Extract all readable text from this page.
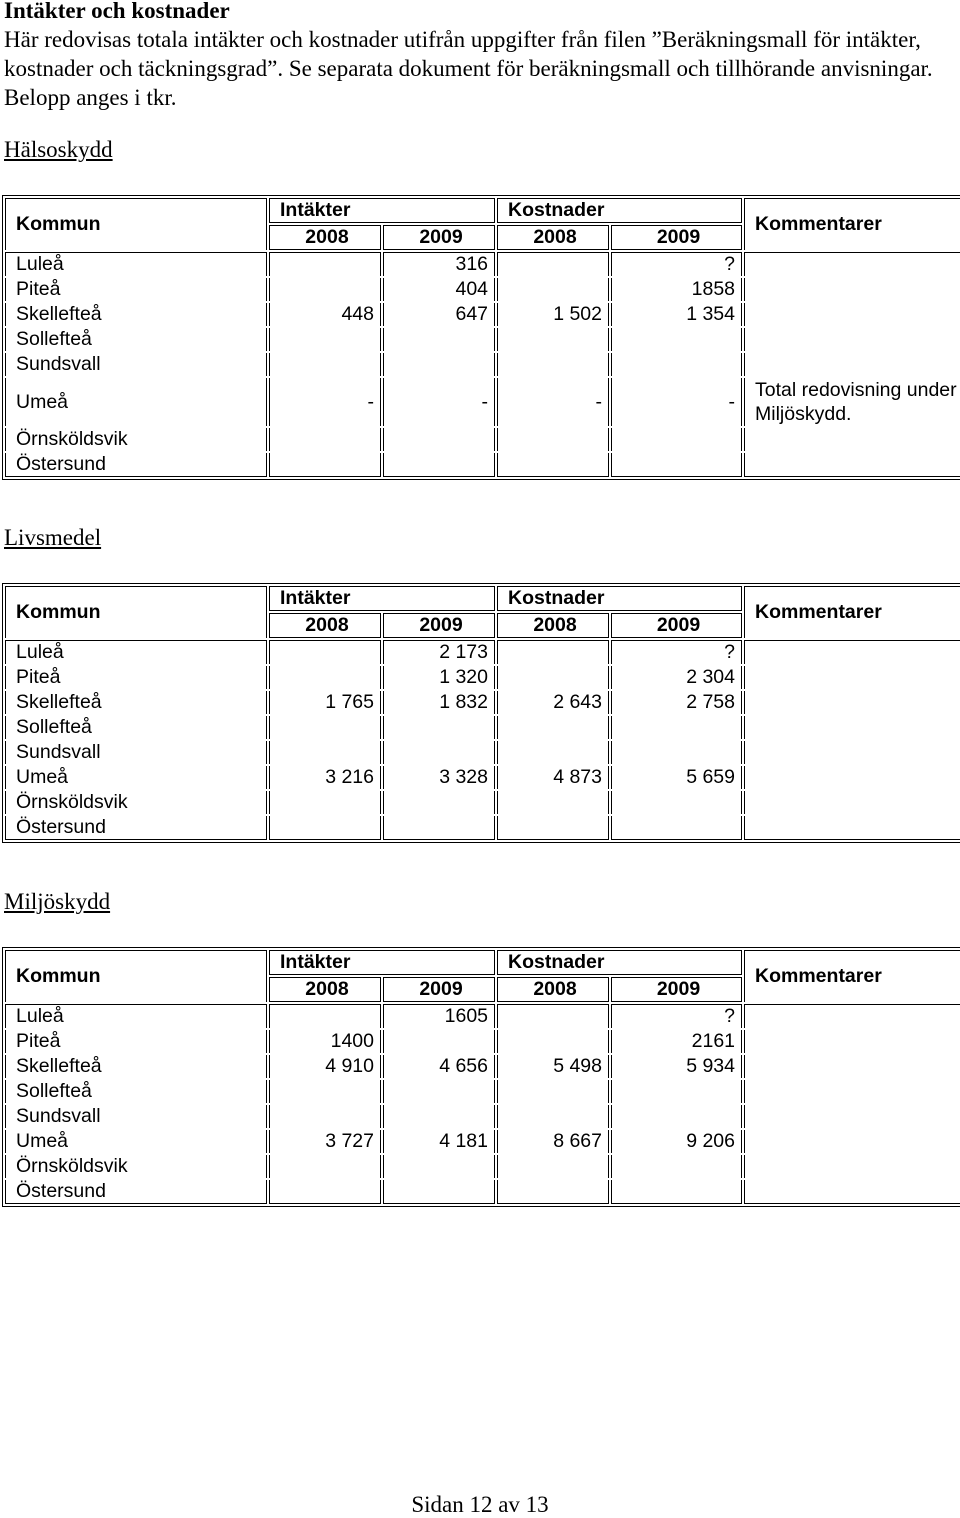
Intäkter och kostnader

Här redovisas totala intäkter och kostnader utifrån uppgifter från filen ”Beräkningsmall för intäkter, kostnader och täckningsgrad”. Se separata dokument för beräkningsmall och tillhörande anvisningar. Belopp anges i tkr.

Hälsoskydd
Kommun	Intäkter		Kostnader		Kommentarer
	2008	2009	2008	2009	
Luleå		316		?	
Piteå		404		1858	
Skellefteå	448	647	1 502	1 354	
Sollefteå					
Sundsvall					
Umeå	-	-	-	-	Total redovisning under Miljöskydd.
Örnsköldsvik					
Östersund					
Livsmedel
Kommun	Intäkter		Kostnader		Kommentarer
	2008	2009	2008	2009	
Luleå		2 173		?	
Piteå		1 320		2 304	
Skellefteå	1 765	1 832	2 643	2 758	
Sollefteå					
Sundsvall					
Umeå	3 216	3 328	4 873	5 659	
Örnsköldsvik					
Östersund					
Miljöskydd
Kommun	Intäkter		Kostnader		Kommentarer
	2008	2009	2008	2009	
Luleå		1605		?	
Piteå	1400			2161	
Skellefteå	4 910	4 656	5 498	5 934	
Sollefteå					
Sundsvall					
Umeå	3 727	4 181	8 667	9 206	
Örnsköldsvik					
Östersund					
Sidan 12 av 13
